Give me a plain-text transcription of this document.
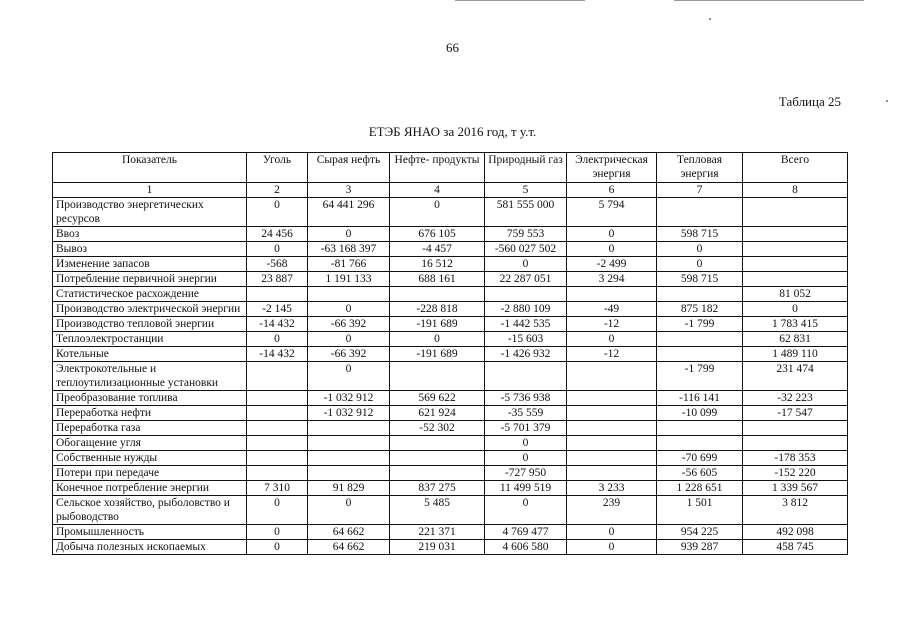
66
Таблица 25
ЕТЭБ ЯНАО за 2016 год, т у.т.
Показатель	Уголь	Сырая нефть	Нефте- продукты	Природный газ	Электрическая энергия	Тепловая энергия	Всего
1	2	3	4	5	6	7	8
Производство энергетических ресурсов	0	64 441 296	0	581 555 000	5 794		
Ввоз	24 456	0	676 105	759 553	0	598 715	
Вывоз	0	-63 168 397	-4 457	-560 027 502	0	0	
Изменение запасов	-568	-81 766	16 512	0	-2 499	0	
Потребление первичной энергии	23 887	1 191 133	688 161	22 287 051	3 294	598 715	
Статистическое расхождение							81 052
Производство электрической энергии	-2 145	0	-228 818	-2 880 109	-49	875 182	0
Производство тепловой энергии	-14 432	-66 392	-191 689	-1 442 535	-12	-1 799	1 783 415
Теплоэлектростанции	0	0	0	-15 603	0		62 831
Котельные	-14 432	-66 392	-191 689	-1 426 932	-12		1 489 110
Электрокотельные и теплоутилизационные установки		0				-1 799	231 474
Преобразование топлива		-1 032 912	569 622	-5 736 938		-116 141	-32 223
Переработка нефти		-1 032 912	621 924	-35 559		-10 099	-17 547
Переработка газа			-52 302	-5 701 379			
Обогащение угля				0			
Собственные нужды				0		-70 699	-178 353
Потери при передаче				-727 950		-56 605	-152 220
Конечное потребление энергии	7 310	91 829	837 275	11 499 519	3 233	1 228 651	1 339 567
Сельское хозяйство, рыболовство и рыбоводство	0	0	5 485	0	239	1 501	3 812
Промышленность	0	64 662	221 371	4 769 477	0	954 225	492 098
Добыча полезных ископаемых	0	64 662	219 031	4 606 580	0	939 287	458 745
